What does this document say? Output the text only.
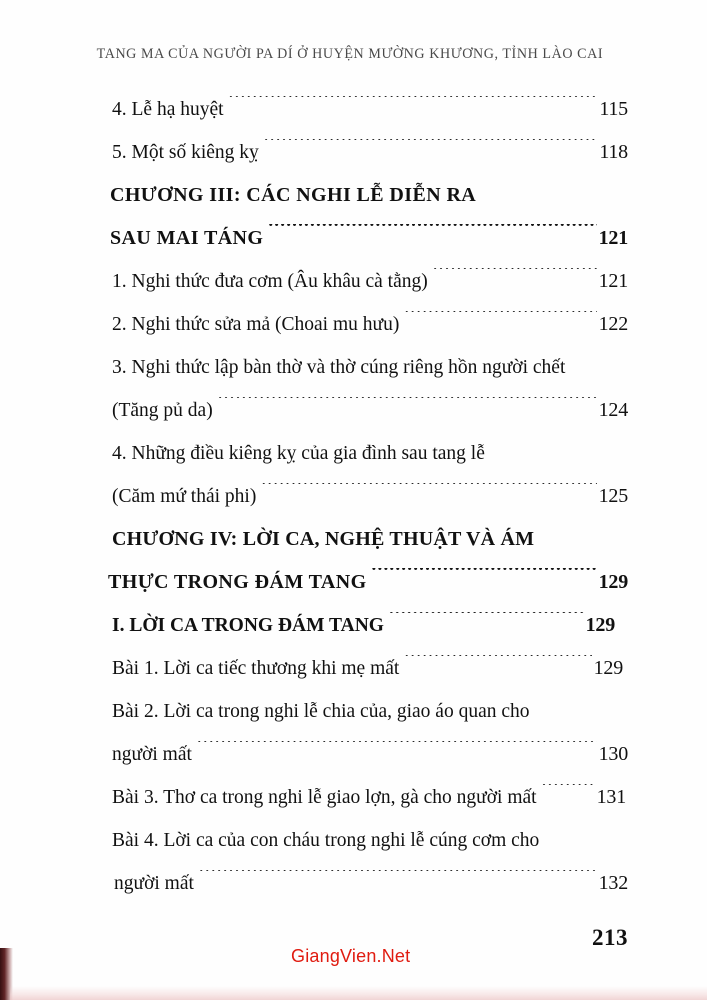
TANG MA CỦA NGƯỜI PA DÍ Ở HUYỆN MƯỜNG KHƯƠNG, TỈNH LÀO CAI
4. Lễ hạ huyệt .....	115
5. Một số kiêng kỵ .....	118
CHƯƠNG III: CÁC NGHI LỄ DIỄN RA
SAU MAI TÁNG .....	121
1. Nghi thức đưa cơm (Âu khâu cà tằng) .....	121
2. Nghi thức sửa mả (Choai mu hưu) .....	122
3. Nghi thức lập bàn thờ và thờ cúng riêng hồn người chết
(Tăng pủ da) .....	124
4. Những điều kiêng kỵ của gia đình sau tang lễ
(Căm mứ thái phi) .....	125
CHƯƠNG IV: LỜI CA, NGHỆ THUẬT VÀ ÁM
THỰC TRONG ĐÁM TANG .....	129
I. LỜI CA TRONG ĐÁM TANG .....	129
Bài 1. Lời ca tiếc thương khi mẹ mất .....	129
Bài 2. Lời ca trong nghi lễ chia của, giao áo quan cho
người mất .....	130
Bài 3. Thơ ca trong nghi lễ giao lợn, gà cho người mất .....	131
Bài 4. Lời ca của con cháu trong nghi lễ cúng cơm cho
người mất .....	132
213
GiangVien.Net
